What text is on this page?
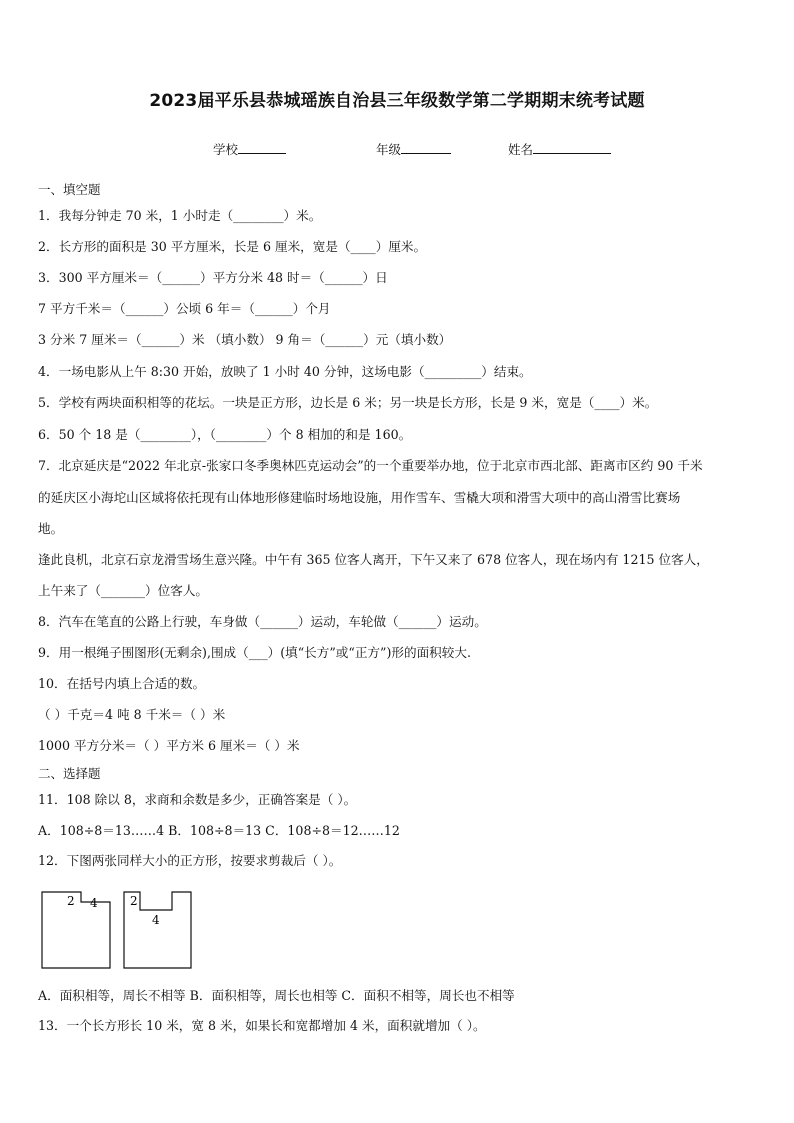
2023届平乐县恭城瑶族自治县三年级数学第二学期期末统考试题
学校	年级	姓名
一、填空题
1．我每分钟走 70 米，1 小时走（________）米。
2．长方形的面积是 30 平方厘米，长是 6 厘米，宽是（____）厘米。
3．300 平方厘米＝（______）平方分米 48 时＝（______）日
7 平方千米＝（______）公顷 6 年＝（______）个月
3 分米 7 厘米＝（______）米 （填小数） 9 角＝（______）元（填小数）
4．一场电影从上午 8:30 开始，放映了 1 小时 40 分钟，这场电影（_________）结束。
5．学校有两块面积相等的花坛。一块是正方形，边长是 6 米；另一块是长方形，长是 9 米，宽是（____）米。
6．50 个 18 是（________），（________）个 8 相加的和是 160。
7．北京延庆是“2022 年北京-张家口冬季奥林匹克运动会”的一个重要举办地，位于北京市西北部、距离市区约 90 千米
的延庆区小海坨山区域将依托现有山体地形修建临时场地设施，用作雪车、雪橇大项和滑雪大项中的高山滑雪比赛场
地。
逢此良机，北京石京龙滑雪场生意兴隆。中午有 365 位客人离开，下午又来了 678 位客人，现在场内有 1215 位客人，
上午来了（_______）位客人。
8．汽车在笔直的公路上行驶，车身做（______）运动，车轮做（______）运动。
9．用一根绳子围图形(无剩余),围成（___）(填“长方”或“正方”)形的面积较大.
10．在括号内填上合适的数。
（ ）千克＝4 吨 8 千米＝（ ）米
1000 平方分米＝（ ）平方米 6 厘米＝（ ）米
二、选择题
11．108 除以 8，求商和余数是多少，正确答案是（ ）。
A．108÷8＝13……4 B．108÷8＝13 C．108÷8＝12……12
12．下图两张同样大小的正方形，按要求剪裁后（ ）。
2 4	2
4
A．面积相等，周长不相等 B．面积相等，周长也相等 C．面积不相等，周长也不相等
13．一个长方形长 10 米，宽 8 米，如果长和宽都增加 4 米，面积就增加（ ）。
